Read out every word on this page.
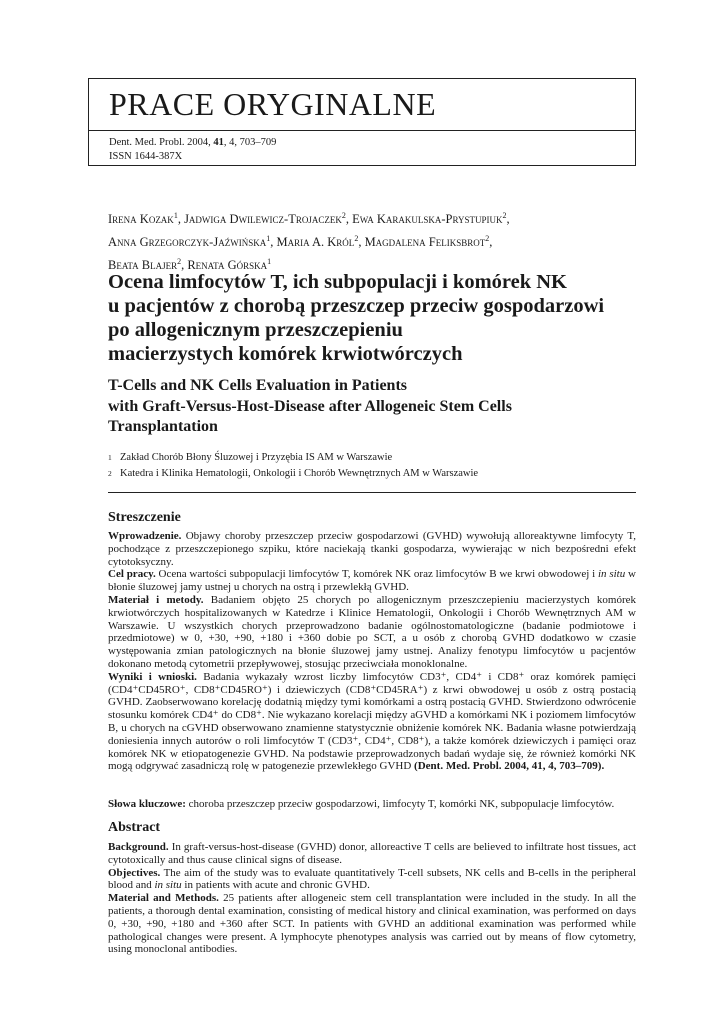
PRACE ORYGINALNE
Dent. Med. Probl. 2004, 41, 4, 703–709
ISSN 1644-387X
Irena Kozak$^1$, Jadwiga Dwilewicz-Trojaczek$^2$, Ewa Karakulska-Prystupiuk$^2$,
Anna Grzegorczyk-Jaźwińska$^1$, Maria A. Król$^2$, Magdalena Feliksbrot$^2$,
Beata Blajer$^2$, Renata Górska$^1$
Ocena limfocytów T, ich subpopulacji i komórek NK
u pacjentów z chorobą przeszczep przeciw gospodarzowi
po allogenicznym przeszczepieniu
macierzystych komórek krwiotwórczych
T-Cells and NK Cells Evaluation in Patients
with Graft-Versus-Host-Disease after Allogeneic Stem Cells
Transplantation
1 Zakład Chorób Błony Śluzowej i Przyzębia IS AM w Warszawie
2 Katedra i Klinika Hematologii, Onkologii i Chorób Wewnętrznych AM w Warszawie
Streszczenie

Wprowadzenie. Objawy choroby przeszczep przeciw gospodarzowi (GVHD) wywołują alloreaktywne limfocyty T, pochodzące z przeszczepionego szpiku, które naciekają tkanki gospodarza, wywierając w nich bezpośredni efekt cytotoksyczny.

Cel pracy. Ocena wartości subpopulacji limfocytów T, komórek NK oraz limfocytów B we krwi obwodowej i in situ w błonie śluzowej jamy ustnej u chorych na ostrą i przewlekłą GVHD.

Materiał i metody. Badaniem objęto 25 chorych po allogenicznym przeszczepieniu macierzystych komórek krwiotwórczych hospitalizowanych w Katedrze i Klinice Hematologii, Onkologii i Chorób Wewnętrznych AM w Warszawie. U wszystkich chorych przeprowadzono badanie ogólnostomatologiczne (badanie podmiotowe i przedmiotowe) w 0, +30, +90, +180 i +360 dobie po SCT, a u osób z chorobą GVHD dodatkowo w czasie występowania zmian patologicznych na błonie śluzowej jamy ustnej. Analizy fenotypu limfocytów u pacjentów dokonano metodą cytometrii przepływowej, stosując przeciwciała monoklonalne.

Wyniki i wnioski. Badania wykazały wzrost liczby limfocytów CD3⁺, CD4⁺ i CD8⁺ oraz komórek pamięci (CD4⁺CD45RO⁺, CD8⁺CD45RO⁺) i dziewiczych (CD8⁺CD45RA⁺) z krwi obwodowej u osób z ostrą postacią GVHD. Zaobserwowano korelację dodatnią między tymi komórkami a ostrą postacią GVHD. Stwierdzono odwrócenie stosunku komórek CD4⁺ do CD8⁺. Nie wykazano korelacji między aGVHD a komórkami NK i poziomem limfocytów B, u chorych na cGVHD obserwowano znamienne statystycznie obniżenie komórek NK. Badania własne potwierdzają doniesienia innych autorów o roli limfocytów T (CD3⁺, CD4⁺, CD8⁺), a także komórek dziewiczych i pamięci oraz komórek NK w etiopatogenezie GVHD. Na podstawie przeprowadzonych badań wydaje się, że również komórki NK mogą odgrywać zasadniczą rolę w patogenezie przewlekłego GVHD (Dent. Med. Probl. 2004, 41, 4, 703–709).

Słowa kluczowe: choroba przeszczep przeciw gospodarzowi, limfocyty T, komórki NK, subpopulacje limfocytów.

Abstract

Background. In graft-versus-host-disease (GVHD) donor, alloreactive T cells are believed to infiltrate host tissues, act cytotoxically and thus cause clinical signs of disease.

Objectives. The aim of the study was to evaluate quantitatively T-cell subsets, NK cells and B-cells in the peripheral blood and in situ in patients with acute and chronic GVHD.

Material and Methods. 25 patients after allogeneic stem cell transplantation were included in the study. In all the patients, a thorough dental examination, consisting of medical history and clinical examination, was performed on days 0, +30, +90, +180 and +360 after SCT. In patients with GVHD an additional examination was performed while pathological changes were present. A lymphocyte phenotypes analysis was carried out by means of flow cytometry, using monoclonal antibodies.
